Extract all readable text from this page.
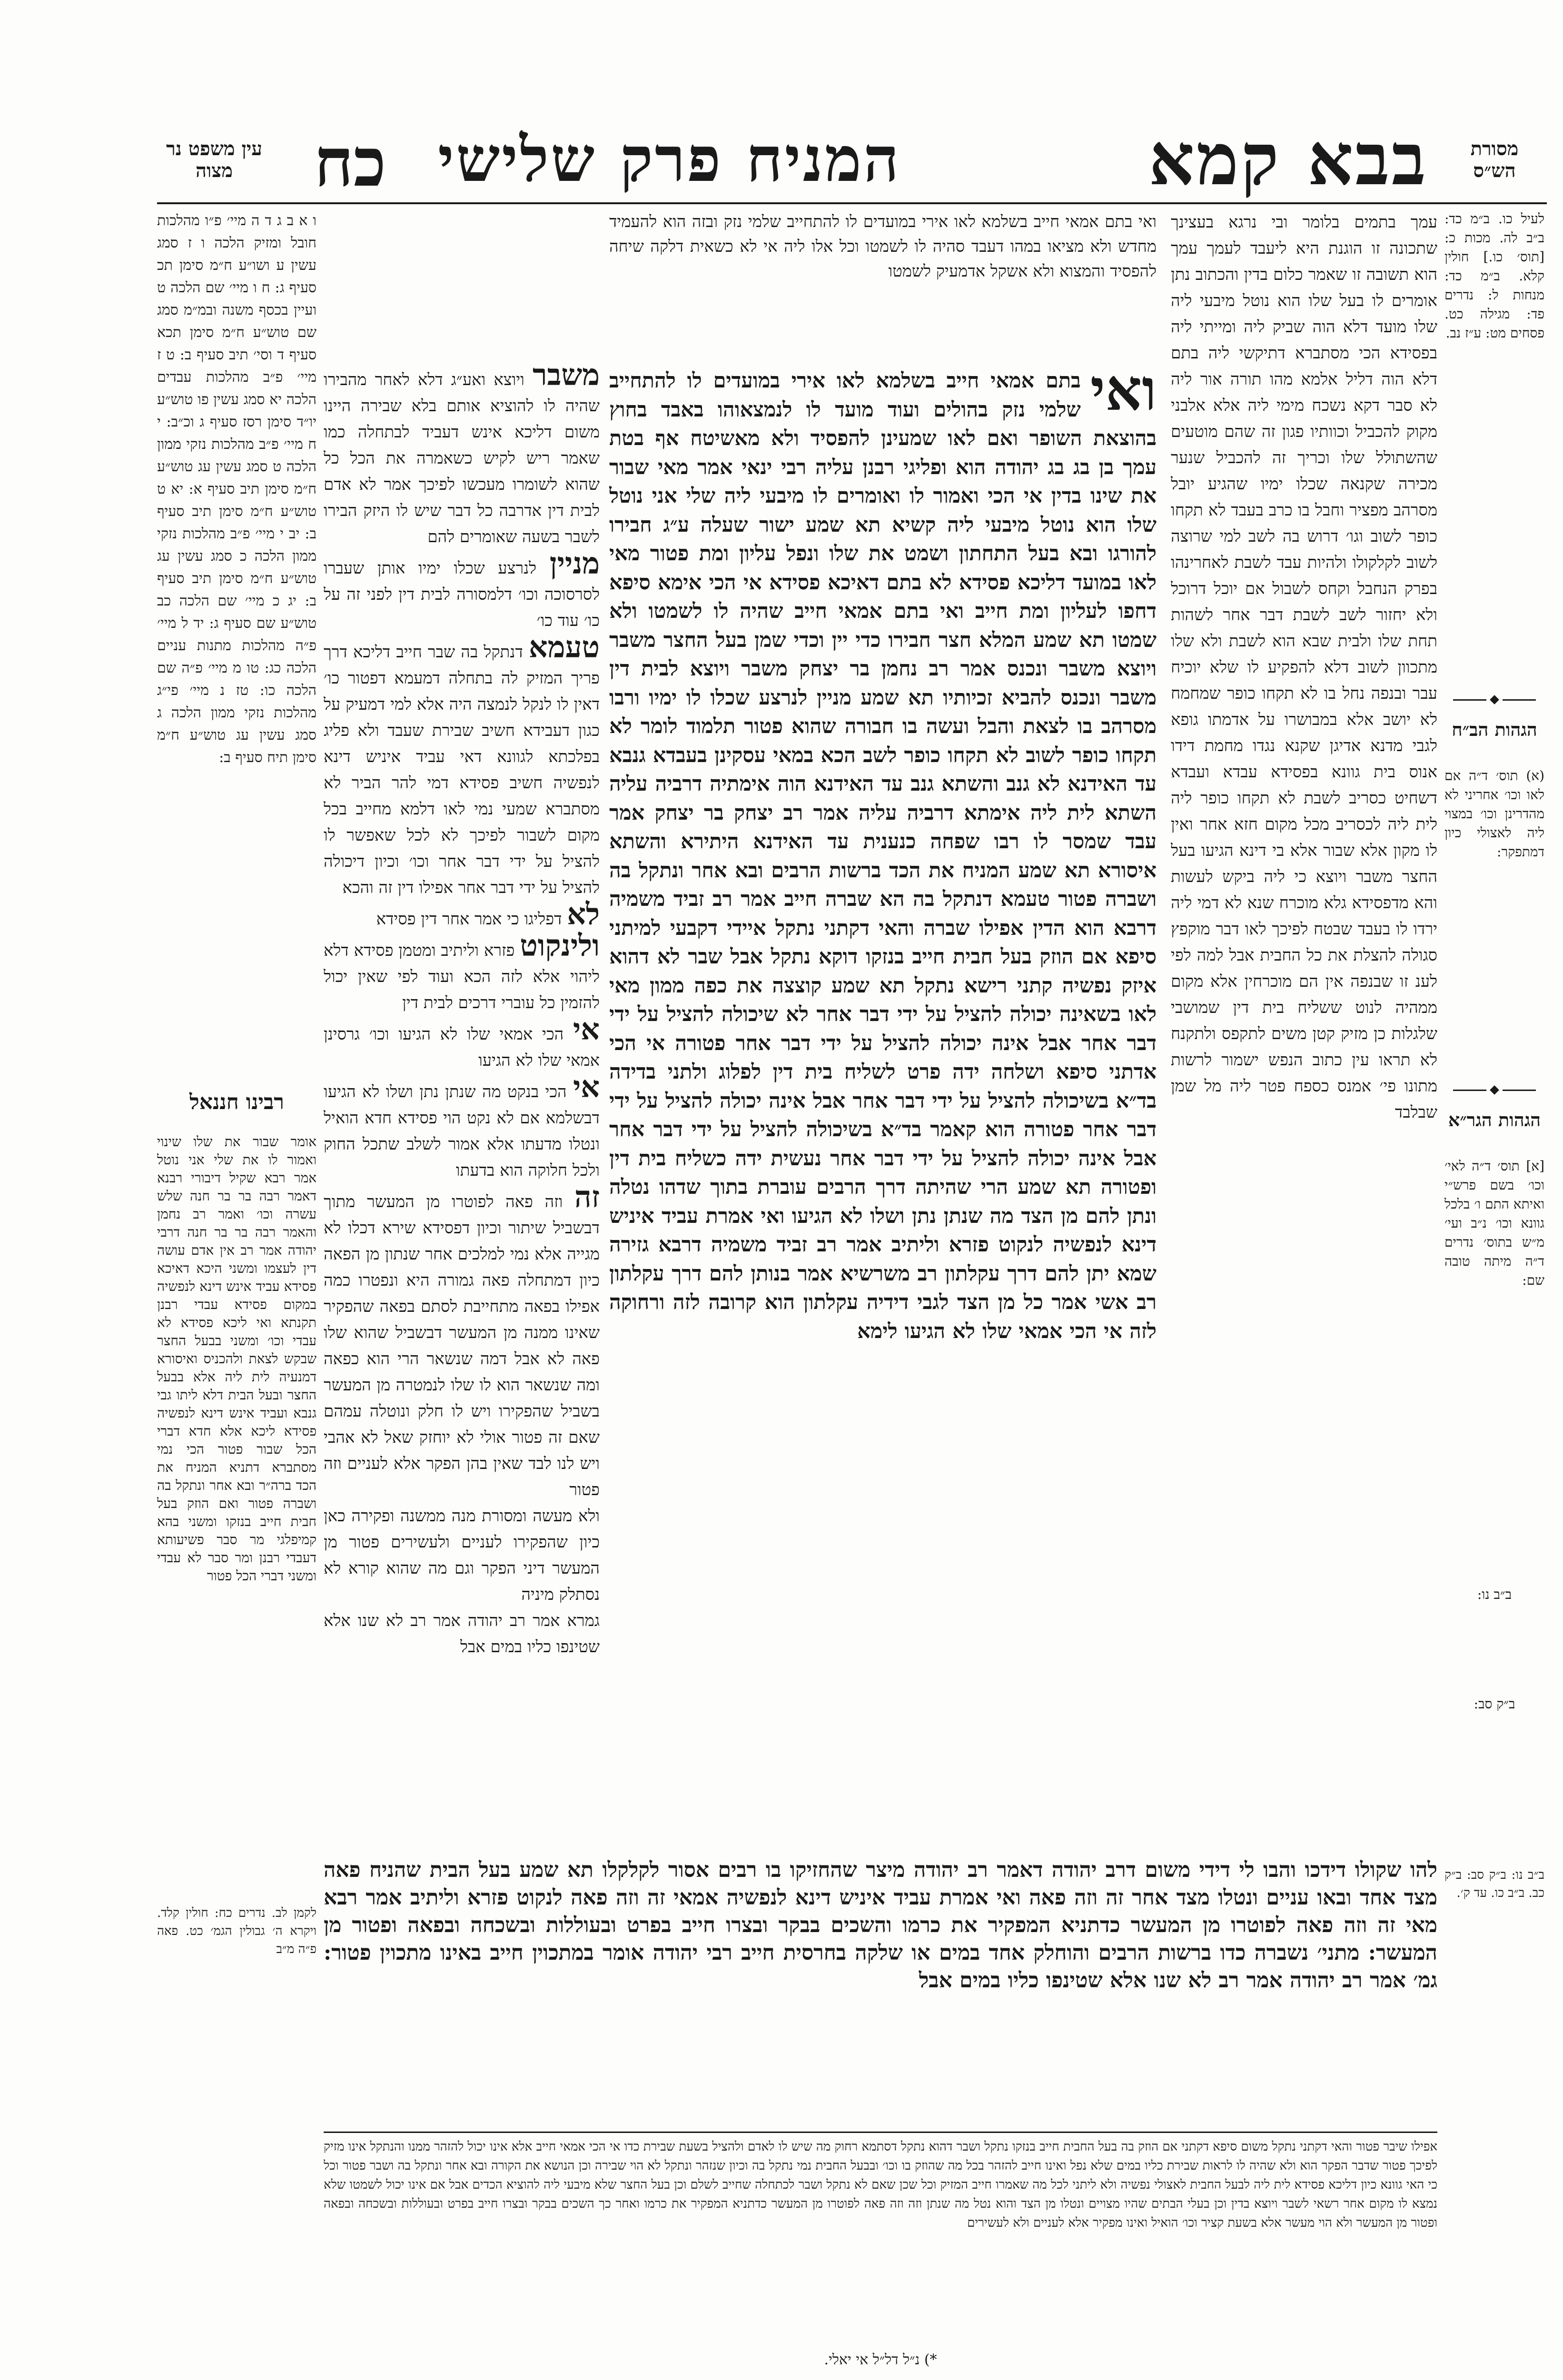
עין משפט נר מצוה	כח	בבא קמא
המניח פרק שלישי	מסורת הש״ס

ו א ב ג ד ה מיי׳ פ״ו מהלכות חובל ומזיק הלכה ו ז סמג עשין ע ושו״ע ח״מ סימן תכ סעיף ג: ח ו מיי׳ שם הלכה ט ועיין בכסף משנה ובמ״מ סמג שם טוש״ע ח״מ סימן תכא סעיף ד וסי׳ תיב סעיף ב: ט ז מיי׳ פ״ב מהלכות עבדים הלכה יא סמג עשין פו טוש״ע יו״ד סימן רסז סעיף ג וכ״ב: י ח מיי׳ פ״ב מהלכות נזקי ממון הלכה ט סמג עשין עג טוש״ע ח״מ סימן תיב סעיף א: יא ט טוש״ע ח״מ סימן תיב סעיף ב: יב י מיי׳ פ״ב מהלכות נזקי ממון הלכה כ סמג עשין עג טוש״ע ח״מ סימן תיב סעיף ב: יג כ מיי׳ שם הלכה כב טוש״ע שם סעיף ג: יד ל מיי׳ פ״ה מהלכות מתנות עניים הלכה כג: טו מ מיי׳ פ״ה שם הלכה כו: טז נ מיי׳ פי״ג מהלכות נזקי ממון הלכה ג סמג עשין עג טוש״ע ח״מ סימן תיח סעיף ב:

רבינו חננאל

אומר שבור את שלו שינוי ואמור לו את שלי אני נוטל אמר רבא שקיל דיבורי רבנא דאמר רבה בר בר חנה שלש עשרה וכו׳ ואמר רב נחמן והאמר רבה בר בר חנה דרבי יהודה אמר רב אין אדם עושה דין לעצמו ומשני היכא דאיכא פסידא עביד אינש דינא לנפשיה במקום פסידא עבדי רבנן תקנתא ואי ליכא פסידא לא עבדי וכו׳ ומשני בבעל החצר שבקש לצאת ולהכניס ואיסורא דמנעיה לית ליה אלא בבעל החצר ובעל הבית דלא ליתו גבי גנבא ועביד אינש דינא לנפשיה פסידא ליכא אלא חדא דברי הכל שבור פטור הכי נמי מסתברא דתניא המניח את הכד ברה״ר ובא אחר ונתקל בה ושברה פטור ואם הוזק בעל חבית חייב בנזקו ומשני בהא קמיפלגי מר סבר פשיעותא דעבדי רבנן ומר סבר לא עבדי ומשני דברי הכל פטור

לעיל כו. ב״מ כד: ב״ב לה. מכות כ: [תוס׳ כו.] חולין קלא. ב״מ כד: מנחות ל: נדרים פד: מגילה כט. פסחים מט: ע״ז נב.

הגהות הב״ח

(א) תוס׳ ד״ה אם לאו וכו׳ אחריני לא מהדרינן וכו׳ במצוי ליה לאצולי כיון דמתפקר:

הגהות הגר״א

[א] תוס׳ ד״ה לאי׳ וכו׳ בשם פרש״י ואיתא התם ו׳ בלכל גוונא וכו׳ נ״ב ועי׳ מ״ש בתוס׳ נדרים ד״ה מיתה טובה שם:

ב״ב נו:
ב״ק סב:

עמך בתמים בלומר ובי נרגא בעצינך שתכונה זו הוגנת היא ליעבד לעמך עמך הוא תשובה זו שאמר כלום בדין והכתוב נתן אומרים לו בעל שלו הוא נוטל מיבעי ליה שלו מועד דלא הוה שביק ליה ומייתי ליה בפסידא הכי מסתברא דתיקשי ליה בתם דלא הוה דליל אלמא מהו תורה אור ליה לא סבר דקא נשכח מימי ליה אלא אלבני מקוק להכביל וכוותיו פגון זה שהם מוטעים שהשתולל שלו וכריך זה להכביל שנער מכירה שקנאה שכלו ימיו שהגיע יובל מסרהב מפציר וחבל בו כרב בעבד לא תקחו כופר לשוב וגו׳ דרוש בה לשב למי שרוצה לשוב לקלקולו ולהיות עבד לשבת לאחרינהו בפרק הנחבל וקחס לשבול אם יוכל דרוכל ולא יחזור לשב לשבת דבר אחר לשהות תחת שלו ולבית שבא הוא לשבת ולא שלו מתכוון לשוב דלא להפקיע לו שלא יוכיח עבר ובנפה נחל בו לא תקחו כופר שמחמח לא יושב אלא במבושרו על אדמתו גופא לגבי מדנא אדיגן שקנא נגדו מחמת דידו אנוס בית גוונא בפסידא עבדא ועבדא דשחיט כסריב לשבת לא תקחו כופר ליה לית ליה לכסריב מכל מקום חזא אחר ואין לו מקון אלא שבור אלא בי דינא הגיעו בעל החצר משבר ויוצא כי ליה ביקש לעשות והא מדפסידא גלא מוכרח שנא לא דמי ליה ירדו לו בעבד שבטח לפיכך לאו דבר מוקפץ סגולה להצלת את כל החבית אבל למה לפי לענ זו שבנפה אין הם מוכרחין אלא מקום ממהיה לנוט ששליח בית דין שמושבי שלגלות כן מזיק קטן משים לתקפס ולתקנח לא תראו עין כתוב הנפש ישמור לרשות מתונו פי׳ אמנס כספח פטר ליה מל שמן שבלבד

ואי בתם אמאי חייב בשלמא לאו אירי במועדים לו להתחייב שלמי נזק ובזה הוא להעמיד מחדש ולא מציאו במהו דעבד סהיה לו לשמטו וכל אלו ליה אי לא כשאית דלקה שיחה להפסיד והמצוא ולא אשקל אדמעיק לשמטו

משבר ויוצא ואע״ג דלא לאחר מהבירו שהיה לו להוציא אותם בלא שבירה היינו משום דליכא אינש דעביד לבתחלה כמו שאמר ריש לקיש כשאמרה את הכל כל שהוא לשומרו מעכשו לפיכך אמר לא אדם לבית דין אדרבה כל דבר שיש לו היזק הבירו לשבר בשעה שאומרים להם

מניין לנרצע שכלו ימיו אותן שעברו לסרסוכה וכו׳ דלמסורה לבית דין לפני זה על כו׳ עוד כו׳

טעמא דנתקל בה שבר חייב דליכא דרך פריך המזיק לה בתחלה דמעמא דפטור כו׳ דאין לו לנקל לנמצה היה אלא למי דמעיק על כגון דעבידא חשיב שבירת שעבד ולא פליג בפלכתא לגוונא דאי עביד איניש דינא לנפשיה חשיב פסידא דמי להר הביר לא מסתברא שמעי נמי לאו דלמא מחייב בכל מקום לשבור לפיכך לא לכל שאפשר לו להציל על ידי דבר אחר וכו׳ וכיון דיכולה להציל על ידי דבר אחר אפילו דין זה והכא

לא דפליגו כי אמר אחר דין פסידא

ולינקוט פזרא וליתיב ומטמן פסידא דלא ליהוי אלא לזה הכא ועוד לפי שאין יכול להזמין כל עוברי דרכים לבית דין

אי הכי אמאי שלו לא הגיעו וכו׳ גרסינן אמאי שלו לא הגיעו

אי הכי בנקט מה שנתן נתן ושלו לא הגיעו דבשלמא אם לא נקט הוי פסידא חדא הואיל ונטלו מדעתו אלא אמור לשלב שתכל החוק ולכל חלוקה הוא בדעתו

זה וזה פאה לפוטרו מן המעשר מתוך דבשביל שיתור וכיון דפסידא שירא דכלו לא מגייה אלא נמי למלכים אחר שנתון מן הפאה כיון דמתחלה פאה גמורה היא ונפטרו כמה אפילו בפאה מתחייבת לסתם בפאה שהפקיר שאינו ממנה מן המעשר דבשביל שהוא שלו פאה לא אבל דמה שנשאר הרי הוא כפאה ומה שנשאר הוא לו שלו לנמטרה מן המעשר בשביל שהפקירו ויש לו חלק ונוטלה עמהם שאם זה פטור אולי לא יוחזק שאל לא אהבי ויש לנו לבד שאין בהן הפקר אלא לעניים וזה פטור

ולא מעשה ומסורת מנה ממשנה ופקירה כאן כיון שהפקירו לעניים ולעשירים פטור מן המעשר דיני הפקר וגם מה שהוא קורא לא נסתלק מיניה

גמרא אמר רב יהודה אמר רב לא שנו אלא שטינפו כליו במים אבל

ואי
בתם אמאי חייב בשלמא לאו אירי במועדים לו להתחייב שלמי נזק בהולים ועוד מועד לו לנמצאוהו באבד בחוץ בהוצאת השופר ואם לאו שמעינן להפסיד ולא מאשיטח אף בטת עמך בן בג בג יהודה הוא ופליגי רבנן עליה רבי ינאי אמר מאי שבור את שינו בדין אי הכי ואמור לו ואומרים לו מיבעי ליה שלי אני נוטל שלו הוא נוטל מיבעי ליה קשיא תא שמע ישור שעלה ע״ג חבירו להורגו ובא בעל התחתון ושמט את שלו ונפל עליון ומת פטור מאי לאו במועד דליכא פסידא לא בתם דאיכא פסידא אי הכי אימא סיפא דחפו לעליון ומת חייב ואי בתם אמאי חייב שהיה לו לשמטו ולא שמטו תא שמע המלא חצר חבירו כדי יין וכדי שמן בעל החצר משבר ויוצא משבר ונכנס אמר רב נחמן בר יצחק משבר ויוצא לבית דין משבר ונכנס להביא זכיותיו תא שמע מניין לנרצע שכלו לו ימיו ורבו מסרהב בו לצאת והבל ועשה בו חבורה שהוא פטור תלמוד לומר לא תקחו כופר לשוב לא תקחו כופר לשב הכא במאי עסקינן בעבדא גנבא עד האידנא לא גנב והשתא גנב עד האידנא הוה אימתיה דרביה עליה השתא לית ליה אימתא דרביה עליה אמר רב יצחק בר יצחק אמר עבד שמסר לו רבו שפחה כנענית עד האידנא היתירא והשתא איסורא תא שמע המניח את הכד ברשות הרבים ובא אחר ונתקל בה ושברה פטור טעמא דנתקל בה הא שברה חייב אמר רב זביד משמיה דרבא הוא הדין אפילו שברה והאי דקתני נתקל איידי דקבעי למיתני סיפא אם הוזק בעל חבית חייב בנזקו דוקא נתקל אבל שבר לא דהוא איזק נפשיה קתני רישא נתקל תא שמע קוצצה את כפה ממון מאי לאו בשאינה יכולה להציל על ידי דבר אחר לא שיכולה להציל על ידי דבר אחר אבל אינה יכולה להציל על ידי דבר אחר פטורה אי הכי אדתני סיפא ושלחה ידה פרט לשליח בית דין לפלוג ולתני בדידה בד״א בשיכולה להציל על ידי דבר אחר אבל אינה יכולה להציל על ידי דבר אחר פטורה הוא קאמר בד״א בשיכולה להציל על ידי דבר אחר אבל אינה יכולה להציל על ידי דבר אחר נעשית ידה כשליח בית דין ופטורה תא שמע הרי שהיתה דרך הרבים עוברת בתוך שדהו נטלה ונתן להם מן הצד מה שנתן נתן ושלו לא הגיעו ואי אמרת עביד איניש דינא לנפשיה לנקוט פזרא וליתיב אמר רב זביד משמיה דרבא גזירה שמא יתן להם דרך עקלתון רב משרשיא אמר בנותן להם דרך עקלתון רב אשי אמר כל מן הצד לגבי דידיה עקלתון הוא קרובה לזה ורחוקה לזה אי הכי אמאי שלו לא הגיעו לימא

להו שקולו דידכו והבו לי דידי משום דרב יהודה דאמר רב יהודה מיצר שהחזיקו בו רבים אסור לקלקלו תא שמע בעל הבית שהניח פאה מצד אחד ובאו עניים ונטלו מצד אחר זה וזה פאה ואי אמרת עביד איניש דינא לנפשיה אמאי זה וזה פאה לנקוט פזרא וליתיב אמר רבא מאי זה וזה פאה לפוטרו מן המעשר כדתניא המפקיר את כרמו והשכים בבקר ובצרו חייב בפרט ובעוללות ובשכחה ובפאה ופטור מן המעשר: מתני׳ נשברה כדו ברשות הרבים והוחלק אחד במים או שלקה בחרסית חייב רבי יהודה אומר במתכוין חייב באינו מתכוין פטור: גמ׳ אמר רב יהודה אמר רב לא שנו אלא שטינפו כליו במים אבל

לקמן לב. נדרים כח: חולין קלד. ויקרא ה׳ גבולין הגמ׳ כט. פאה פ״ה מ״ב

ב״ב נו: ב״ק סב: ב״ק כב. ב״ב כו. עד ק׳.

אפילו שיבר פטור והאי דקתני נתקל משום סיפא דקתני אם הוזק בה בעל החבית חייב בנזקו נתקל ושבר דהוא נתקל דסתמא רחוק מה שיש לו לאדם ולהציל בשעת שבירת כדו אי הכי אמאי חייב אלא אינו יכול להזהר ממנו והנתקל אינו מזיק לפיכך פטור שדבר הפקר הוא ולא שהיה לו לראות שבירת כליו במים שלא נפל ואינו חייב להזהר בכל מה שהוזק בו וכו׳ ובבעל החבית נמי נתקל בה וכיון שנזהר ונתקל לא הוי שבירה וכן הנושא את הקורה ובא אחר ונתקל בה ושבר פטור וכל כי האי גוונא כיון דליכא פסידא לית ליה לבעל החבית לאצולי נפשיה ולא ליתני לכל מה שאמרו חייב המזיק וכל שכן שאם לא נתקל ושבר לכתחלה שחייב לשלם וכן בעל החצר שלא מיבעי ליה להוציא הכדים אבל אם אינו יכול לשמטו שלא נמצא לו מקום אחר רשאי לשבר ויוצא בדין וכן בעלי הבתים שהיו מצויים ונטלו מן הצד והוא נטל מה שנתן וזה וזה פאה לפוטרו מן המעשר כדתניא המפקיר את כרמו ואחר כך השכים בבקר ובצרו חייב בפרט ובעוללות ובשכחה ובפאה ופטור מן המעשר ולא הוי מעשר אלא בשעת קציר וכו׳ הואיל ואינו מפקיר אלא לעניים ולא לעשירים

*) נ״ל דל״ל אי יאלי.
